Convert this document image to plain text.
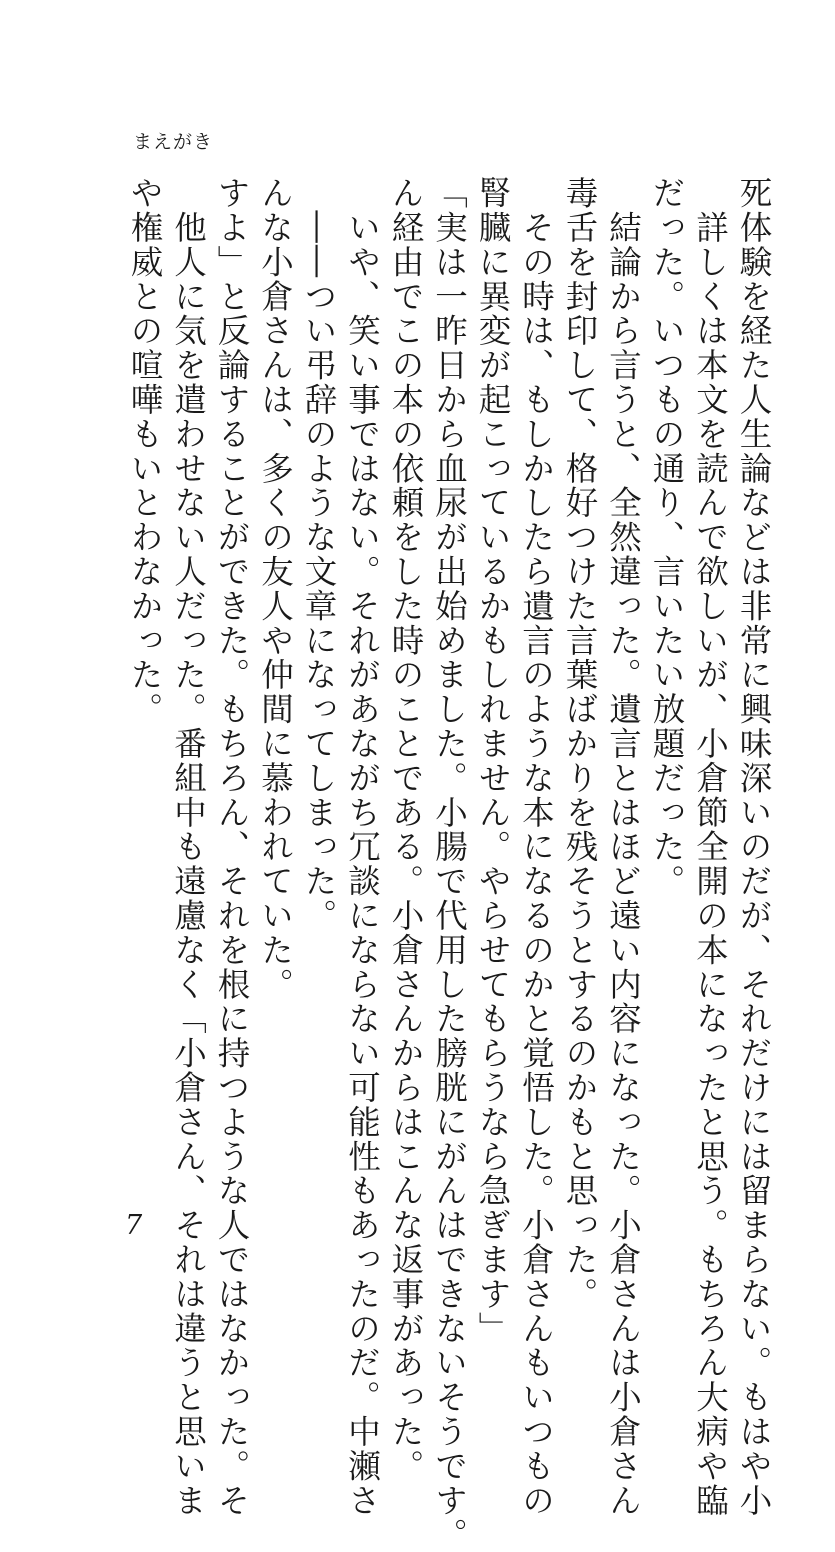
まえがき
死体験を経た人生論などは非常に興味深いのだが、それだけには留まらない。もはや小
　詳しくは本文を読んで欲しいが、小倉節全開の本になったと思う。もちろん大病や臨
だった。いつもの通り、言いたい放題だった。
　結論から言うと、全然違った。遺言とはほど遠い内容になった。小倉さんは小倉さん
毒舌を封印して、格好つけた言葉ばかりを残そうとするのかもと思った。
　その時は、もしかしたら遺言のような本になるのかと覚悟した。小倉さんもいつもの
腎臓に異変が起こっているかもしれません。やらせてもらうなら急ぎます」
「実は一昨日から血尿が出始めました。小腸で代用した膀胱にがんはできないそうです。
ん経由でこの本の依頼をした時のことである。小倉さんからはこんな返事があった。
　いや、笑い事ではない。それがあながち冗談にならない可能性もあったのだ。中瀬さ
　――つい弔辞のような文章になってしまった。
んな小倉さんは、多くの友人や仲間に慕われていた。
すよ」と反論することができた。もちろん、それを根に持つような人ではなかった。そ
　他人に気を遣わせない人だった。番組中も遠慮なく「小倉さん、それは違うと思いま
や権威との喧嘩もいとわなかった。
7
